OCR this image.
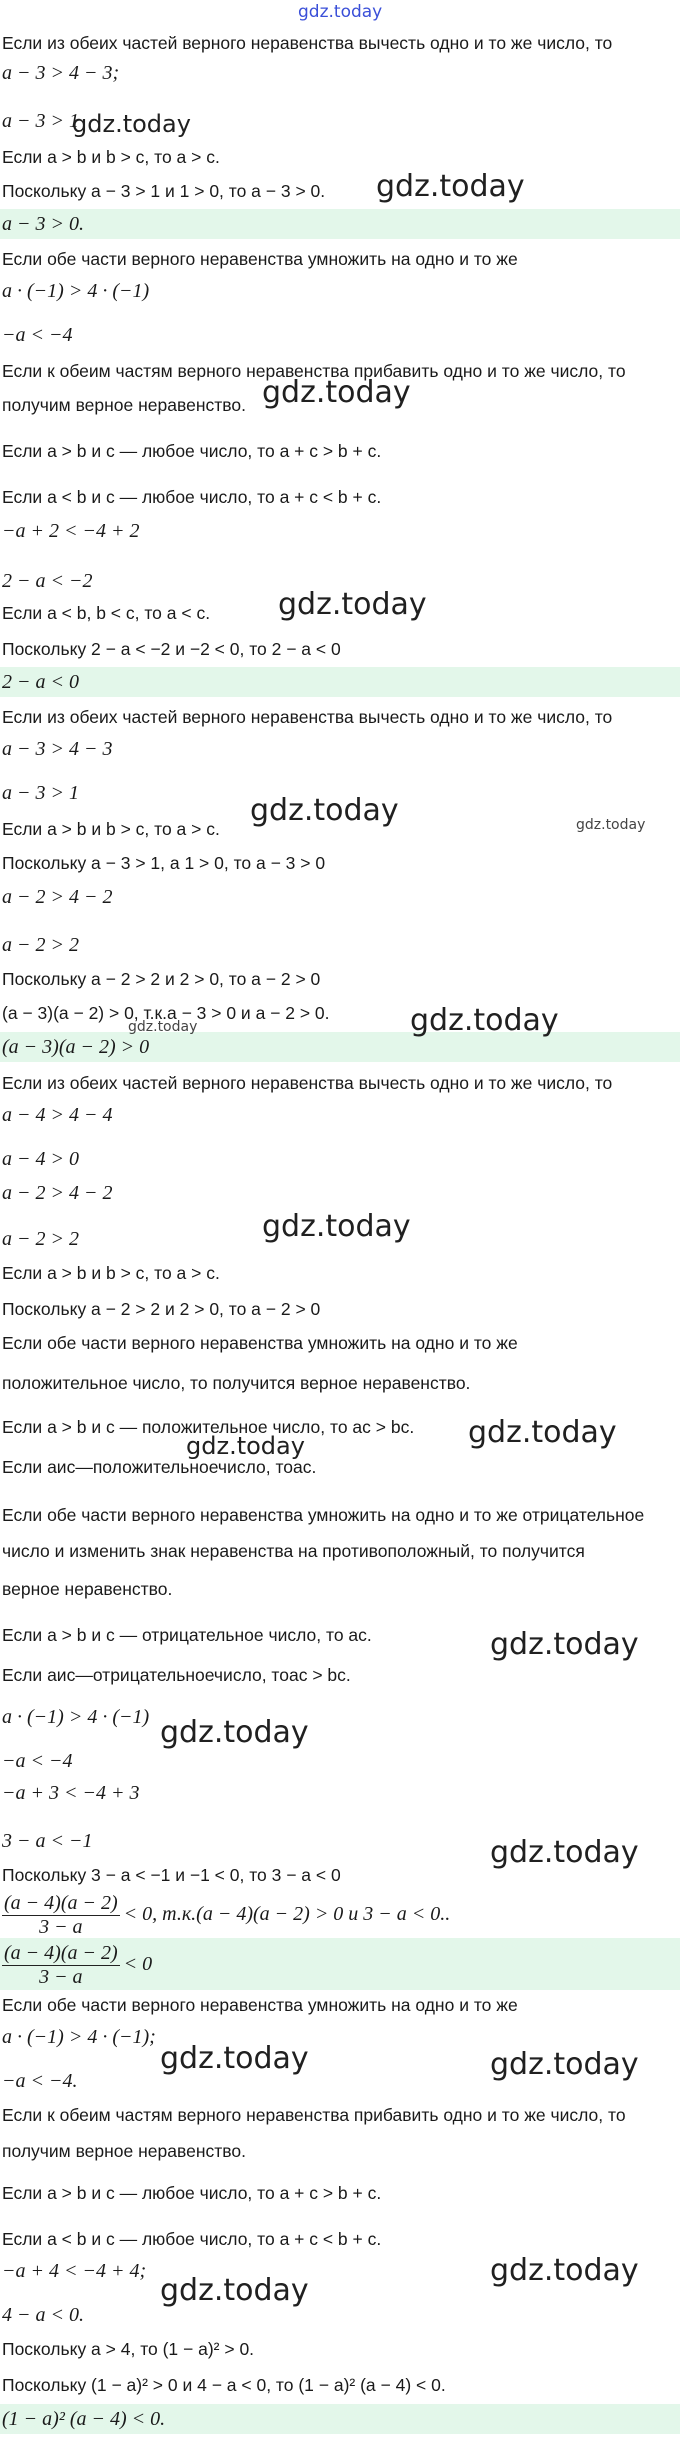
Если из обеих частей верного неравенства вычесть одно и то же число, то
a − 3 > 4 − 3;
a − 3 > 1
Если a > b и b > c, то a > c.
Поскольку a − 3 > 1 и 1 > 0, то a − 3 > 0.
a − 3 > 0.
Если обе части верного неравенства умножить на одно и то же
a · (−1) > 4 · (−1)
−a < −4
Если к обеим частям верного неравенства прибавить одно и то же число, то
получим верное неравенство.
Если a > b и c — любое число, то a + c > b + c.
Если a < b и c — любое число, то a + c < b + c.
−a + 2 < −4 + 2
2 − a < −2
Если a < b, b < c, то a < c.
Поскольку 2 − a < −2 и −2 < 0, то 2 − a < 0
2 − a < 0
Если из обеих частей верного неравенства вычесть одно и то же число, то
a − 3 > 4 − 3
a − 3 > 1
Если a > b и b > c, то a > c.
Поскольку a − 3 > 1, а 1 > 0, то a − 3 > 0
a − 2 > 4 − 2
a − 2 > 2
Поскольку a − 2 > 2 и 2 > 0, то a − 2 > 0
(a − 3)(a − 2) > 0, т.к.a − 3 > 0 и a − 2 > 0.
(a − 3)(a − 2) > 0
Если из обеих частей верного неравенства вычесть одно и то же число, то
a − 4 > 4 − 4
a − 4 > 0
a − 2 > 4 − 2
a − 2 > 2
Если a > b и b > c, то a > c.
Поскольку a − 2 > 2 и 2 > 0, то a − 2 > 0
Если обе части верного неравенства умножить на одно и то же
положительное число, то получится верное неравенство.
Если a > b и c — положительное число, то ac > bc.
Если aиc—положительноечисло, тоac.
Если обе части верного неравенства умножить на одно и то же отрицательное
число и изменить знак неравенства на противоположный, то получится
верное неравенство.
Если a > b и c — отрицательное число, то ac.
Если aиc—отрицательноечисло, тоac > bc.
a · (−1) > 4 · (−1)
−a < −4
−a + 3 < −4 + 3
3 − a < −1
Поскольку 3 − a < −1 и −1 < 0, то 3 − a < 0
$\frac{(a - 4)(a - 2)}{3 - a} < 0$, т.к.(a − 4)(a − 2) > 0 и 3 − a < 0..
$\frac{(a - 4)(a - 2)}{3 - a} < 0$
Если обе части верного неравенства умножить на одно и то же
a · (−1) > 4 · (−1);
−a < −4.
Если к обеим частям верного неравенства прибавить одно и то же число, то
получим верное неравенство.
Если a > b и c — любое число, то a + c > b + c.
Если a < b и c — любое число, то a + c < b + c.
−a + 4 < −4 + 4;
4 − a < 0.
Поскольку a > 4, то (1 − a)² > 0.
Поскольку (1 − a)² > 0 и 4 − a < 0, то (1 − a)² (a − 4) < 0.
(1 − a)² (a − 4) < 0.
gdz.today
gdz.today
gdz.today
gdz.today
gdz.today
gdz.today	gdz.today
gdz.today
gdz.today
gdz.today
gdz.today
gdz.today
gdz.today
gdz.today
gdz.today
gdz.today	gdz.today
gdz.today
gdz.today
